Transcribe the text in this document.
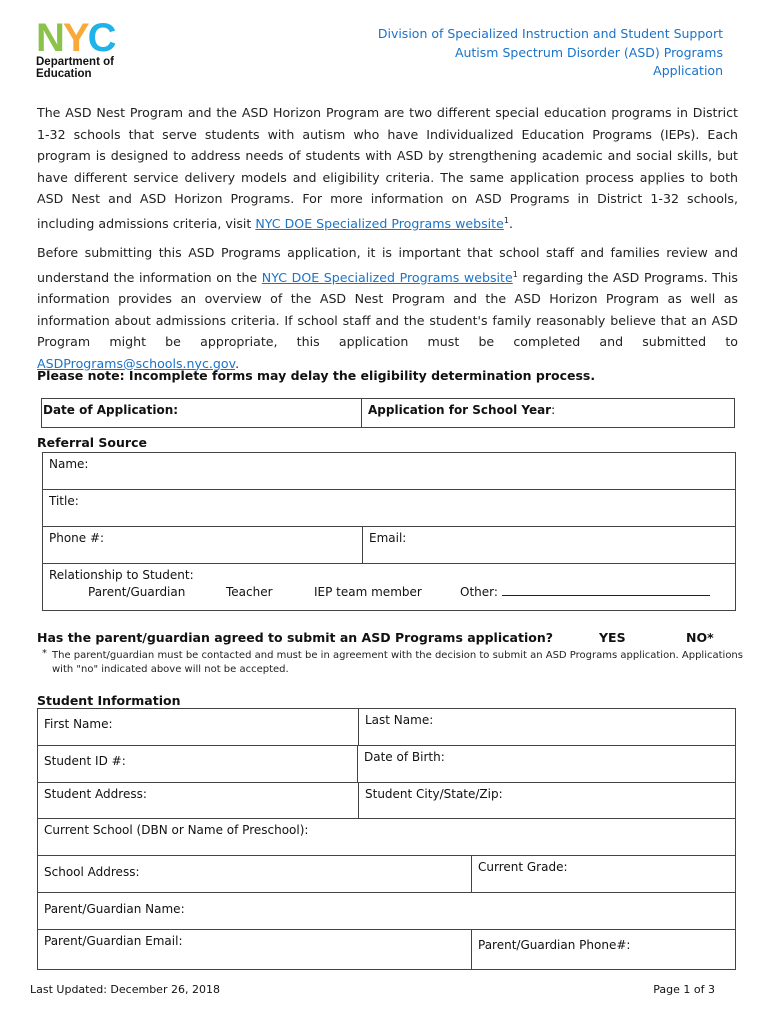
N Y C
Department of
Education
Division of Specialized Instruction and Student Support
Autism Spectrum Disorder (ASD) Programs
Application
The ASD Nest Program and the ASD Horizon Program are two different special education programs in District 1-32 schools that serve students with autism who have Individualized Education Programs (IEPs). Each program is designed to address needs of students with ASD by strengthening academic and social skills, but have different service delivery models and eligibility criteria. The same application process applies to both ASD Nest and ASD Horizon Programs. For more information on ASD Programs in District 1-32 schools, including admissions criteria, visit NYC DOE Specialized Programs website$^1$.
Before submitting this ASD Programs application, it is important that school staff and families review and understand the information on the NYC DOE Specialized Programs website$^1$ regarding the ASD Programs. This information provides an overview of the ASD Nest Program and the ASD Horizon Program as well as information about admissions criteria. If school staff and the student's family reasonably believe that an ASD Program might be appropriate, this application must be completed and submitted to ASDPrograms@schools.nyc.gov.
Please note: Incomplete forms may delay the eligibility determination process.
Date of Application:	Application for School Year:
Referral Source
Name:
Title:
Phone #:	Email:
Relationship to Student:
Parent/Guardian	Teacher	IEP team member	Other:
Has the parent/guardian agreed to submit an ASD Programs application?	YES	NO*
* The parent/guardian must be contacted and must be in agreement with the decision to submit an ASD Programs application. Applications with "no" indicated above will not be accepted.
Student Information
First Name:	Last Name:
Student ID #:	Date of Birth:
Student Address:	Student City/State/Zip:
Current School (DBN or Name of Preschool):
School Address:	Current Grade:
Parent/Guardian Name:
Parent/Guardian Email:	Parent/Guardian Phone#:
Last Updated: December 26, 2018	Page 1 of 3
